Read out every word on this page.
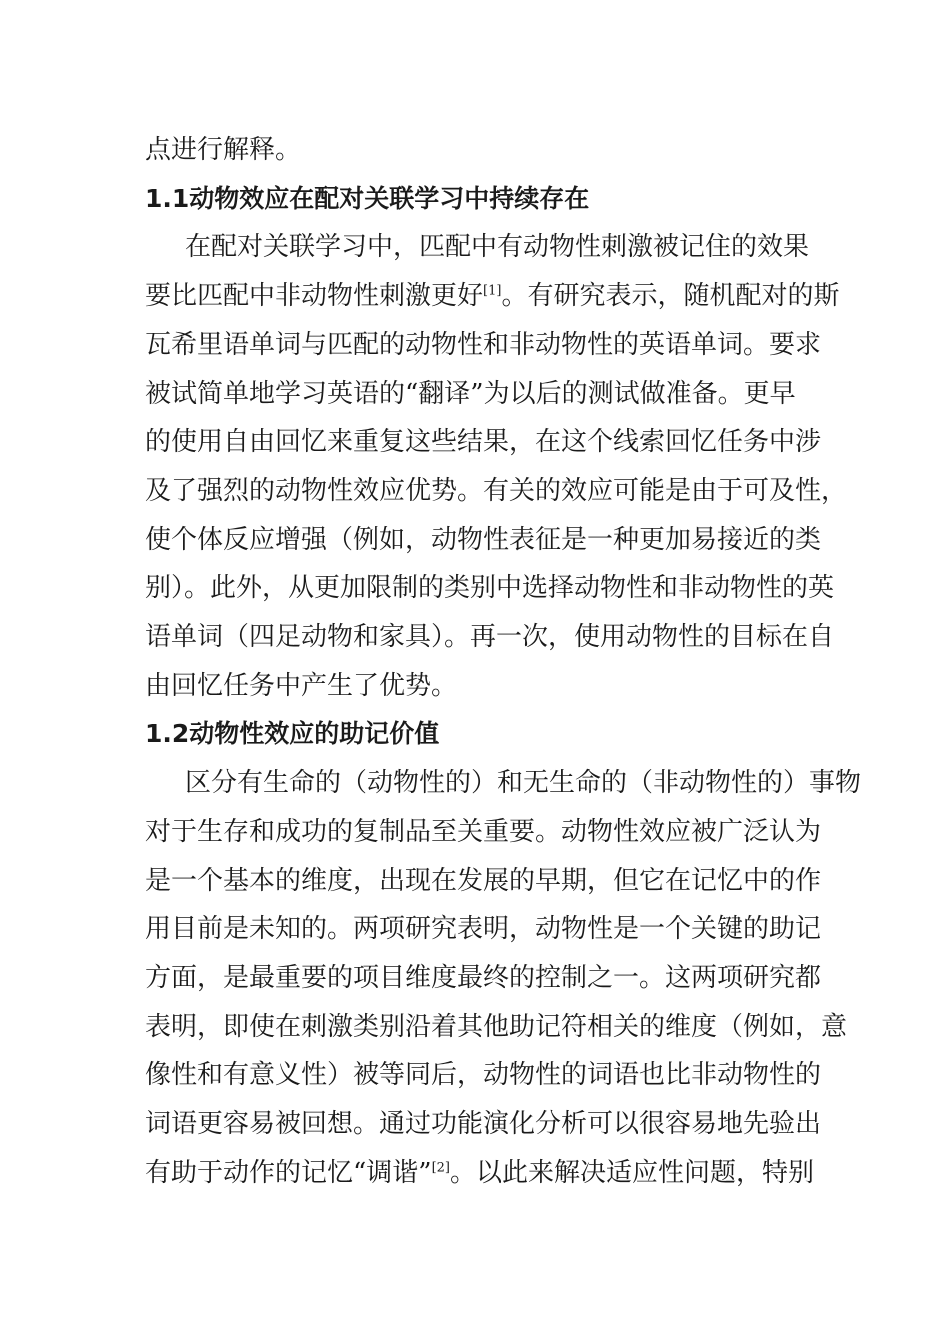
点进行解释。
1.1动物效应在配对关联学习中持续存在
在配对关联学习中，匹配中有动物性刺激被记住的效果
要比匹配中非动物性刺激更好[1]。有研究表示，随机配对的斯
瓦希里语单词与匹配的动物性和非动物性的英语单词。要求
被试简单地学习英语的“翻译”为以后的测试做准备。更早
的使用自由回忆来重复这些结果，在这个线索回忆任务中涉
及了强烈的动物性效应优势。有关的效应可能是由于可及性，
使个体反应增强（例如，动物性表征是一种更加易接近的类
别）。此外，从更加限制的类别中选择动物性和非动物性的英
语单词（四足动物和家具）。再一次，使用动物性的目标在自
由回忆任务中产生了优势。
1.2动物性效应的助记价值
区分有生命的（动物性的）和无生命的（非动物性的）事物
对于生存和成功的复制品至关重要。动物性效应被广泛认为
是一个基本的维度，出现在发展的早期，但它在记忆中的作
用目前是未知的。两项研究表明，动物性是一个关键的助记
方面，是最重要的项目维度最终的控制之一。这两项研究都
表明，即使在刺激类别沿着其他助记符相关的维度（例如，意
像性和有意义性）被等同后，动物性的词语也比非动物性的
词语更容易被回想。通过功能演化分析可以很容易地先验出
有助于动作的记忆“调谐”[2]。以此来解决适应性问题，特别
